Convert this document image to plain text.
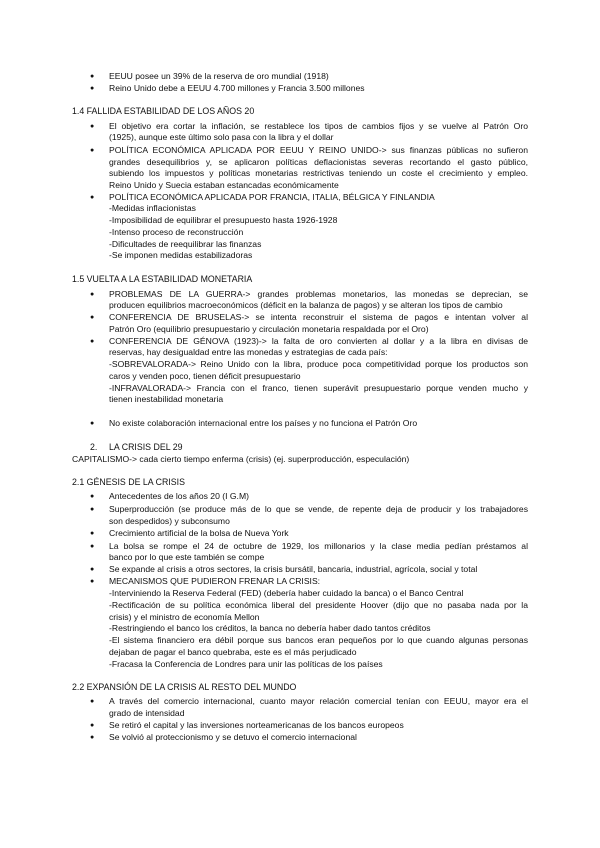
● EEUU posee un 39% de la reserva de oro mundial (1918)
● Reino Unido debe a EEUU 4.700 millones y Francia 3.500 millones
1.4 FALLIDA ESTABILIDAD DE LOS AÑOS 20
● El objetivo era cortar la inflación, se restablece los tipos de cambios fijos y se vuelve al Patrón Oro
(1925), aunque este último solo pasa con la libra y el dollar
● POLÍTICA ECONÓMICA APLICADA POR EEUU Y REINO UNIDO-> sus finanzas públicas no sufieron
grandes desequilibrios y, se aplicaron políticas deflacionistas severas recortando el gasto público,
subiendo los impuestos y políticas monetarias restrictivas teniendo un coste el crecimiento y empleo.
Reino Unido y Suecia estaban estancadas económicamente
● POLÍTICA ECONÓMICA APLICADA POR FRANCIA, ITALIA, BÉLGICA Y FINLANDIA
-Medidas inflacionistas
-Imposibilidad de equilibrar el presupuesto hasta 1926-1928
-Intenso proceso de reconstrucción
-Dificultades de reequilibrar las finanzas
-Se imponen medidas estabilizadoras
1.5 VUELTA A LA ESTABILIDAD MONETARIA
● PROBLEMAS DE LA GUERRA-> grandes problemas monetarios, las monedas se deprecian, se
producen equilibrios macroeconómicos (déficit en la balanza de pagos) y se alteran los tipos de cambio
● CONFERENCIA DE BRUSELAS-> se intenta reconstruir el sistema de pagos e intentan volver al
Patrón Oro (equilibrio presupuestario y circulación monetaria respaldada por el Oro)
● CONFERENCIA DE GÉNOVA (1923)-> la falta de oro convierten al dollar y a la libra en divisas de
reservas, hay desigualdad entre las monedas y estrategias de cada país:
-SOBREVALORADA-> Reino Unido con la libra, produce poca competitividad porque los productos son
caros y venden poco, tienen déficit presupuestario
-INFRAVALORADA-> Francia con el franco, tienen superávit presupuestario porque venden mucho y
tienen inestabilidad monetaria
● No existe colaboración internacional entre los países y no funciona el Patrón Oro
2. LA CRISIS DEL 29
CAPITALISMO-> cada cierto tiempo enferma (crisis) (ej. superproducción, especulación)
2.1 GÉNESIS DE LA CRISIS
● Antecedentes de los años 20 (I G.M)
● Superproducción (se produce más de lo que se vende, de repente deja de producir y los trabajadores
son despedidos) y subconsumo
● Crecimiento artificial de la bolsa de Nueva York
● La bolsa se rompe el 24 de octubre de 1929, los millonarios y la clase media pedían préstamos al
banco por lo que este también se compe
● Se expande al crisis a otros sectores, la crisis bursátil, bancaria, industrial, agrícola, social y total
● MECANISMOS QUE PUDIERON FRENAR LA CRISIS:
-Interviniendo la Reserva Federal (FED) (debería haber cuidado la banca) o el Banco Central
-Rectificación de su política económica liberal del presidente Hoover (dijo que no pasaba nada por la
crisis) y el ministro de economía Mellon
-Restringiendo el banco los créditos, la banca no debería haber dado tantos créditos
-El sistema financiero era débil porque sus bancos eran pequeños por lo que cuando algunas personas
dejaban de pagar el banco quebraba, este es el más perjudicado
-Fracasa la Conferencia de Londres para unir las políticas de los países
2.2 EXPANSIÓN DE LA CRISIS AL RESTO DEL MUNDO
● A través del comercio internacional, cuanto mayor relación comercial tenían con EEUU, mayor era el
grado de intensidad
● Se retiró el capital y las inversiones norteamericanas de los bancos europeos
● Se volvió al proteccionismo y se detuvo el comercio internacional
